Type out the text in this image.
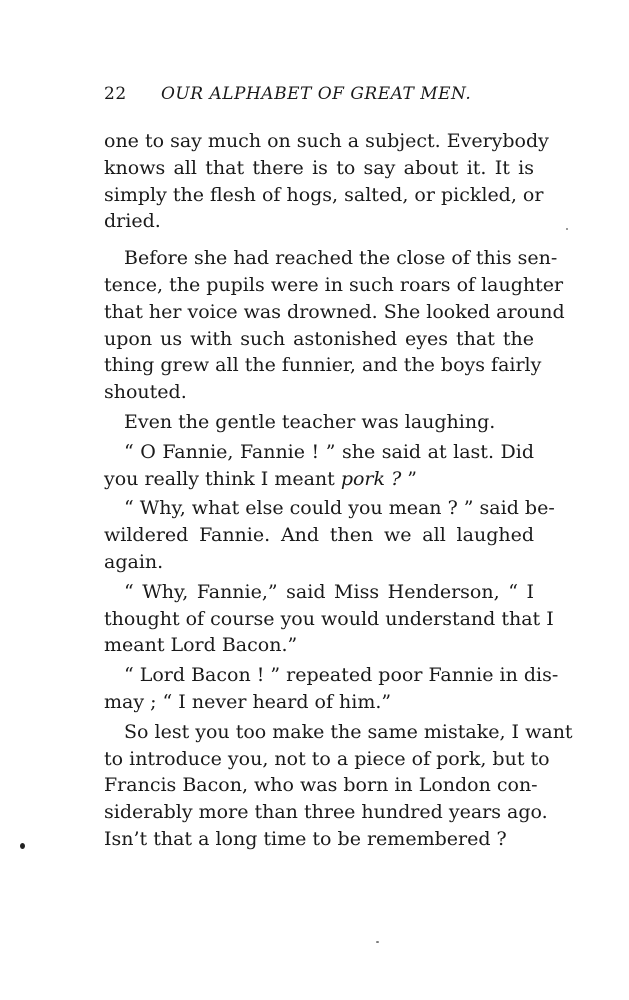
22 OUR ALPHABET OF GREAT MEN.
one to say much on such a subject. Everybody
knows all that there is to say about it. It is
simply the flesh of hogs, salted, or pickled, or
dried.
Before she had reached the close of this sen-
tence, the pupils were in such roars of laughter
that her voice was drowned. She looked around
upon us with such astonished eyes that the
thing grew all the funnier, and the boys fairly
shouted.
Even the gentle teacher was laughing.
“ O Fannie, Fannie ! ” she said at last. Did
you really think I meant pork ? ”
“ Why, what else could you mean ? ” said be-
wildered Fannie. And then we all laughed
again.
“ Why, Fannie,” said Miss Henderson, “ I
thought of course you would understand that I
meant Lord Bacon.”
“ Lord Bacon ! ” repeated poor Fannie in dis-
may ; “ I never heard of him.”
So lest you too make the same mistake, I want
to introduce you, not to a piece of pork, but to
Francis Bacon, who was born in London con-
siderably more than three hundred years ago.
Isn’t that a long time to be remembered ?
